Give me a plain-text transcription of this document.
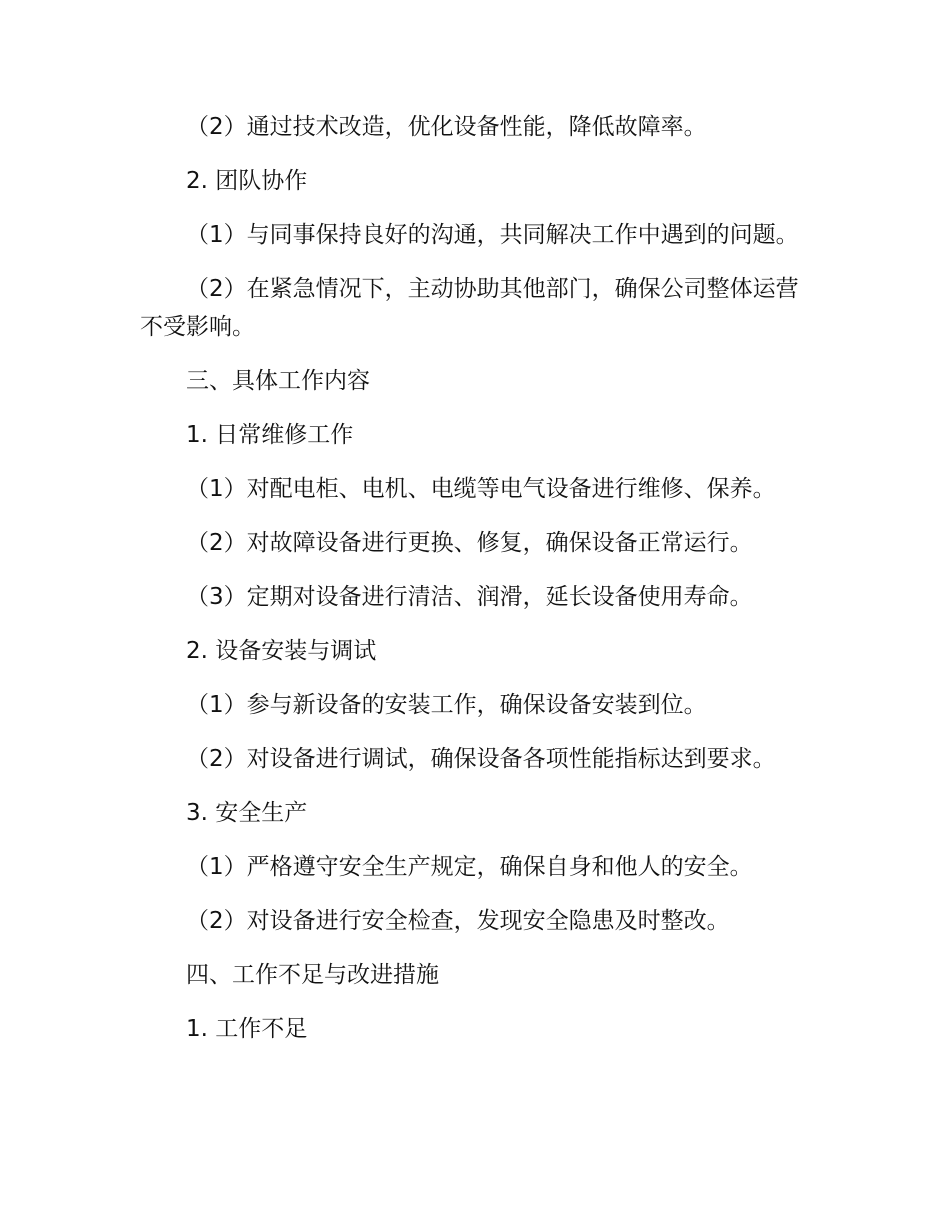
（2）通过技术改造，优化设备性能，降低故障率。

2. 团队协作

（1）与同事保持良好的沟通，共同解决工作中遇到的问题。

（2）在紧急情况下，主动协助其他部门，确保公司整体运营不受影响。

三、具体工作内容

1. 日常维修工作

（1）对配电柜、电机、电缆等电气设备进行维修、保养。

（2）对故障设备进行更换、修复，确保设备正常运行。

（3）定期对设备进行清洁、润滑，延长设备使用寿命。

2. 设备安装与调试

（1）参与新设备的安装工作，确保设备安装到位。

（2）对设备进行调试，确保设备各项性能指标达到要求。

3. 安全生产

（1）严格遵守安全生产规定，确保自身和他人的安全。

（2）对设备进行安全检查，发现安全隐患及时整改。

四、工作不足与改进措施

1. 工作不足
